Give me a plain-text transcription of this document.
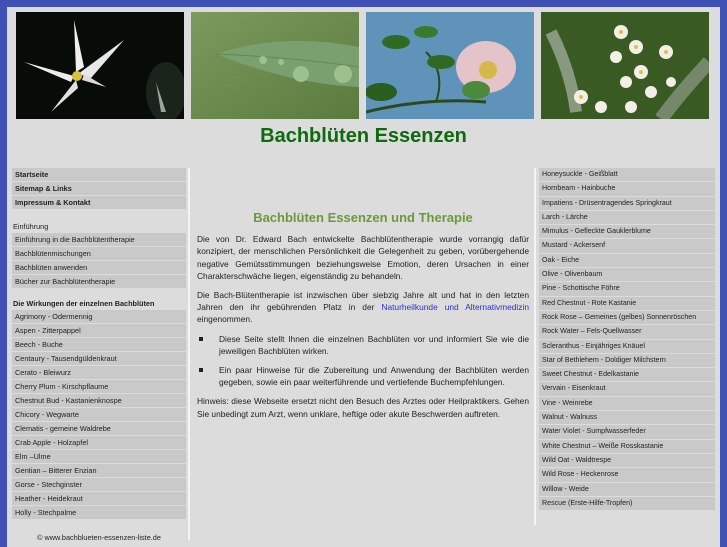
Bachblüten Essenzen
Startseite
Sitemap & Links
Impressum & Kontakt
Einführung
Einführung in die Bachblütentherapie
Bachblütenmischungen
Bachblüten anwenden
Bücher zur Bachblütentherapie
Die Wirkungen der einzelnen Bachblüten
Agrimony - Odermennig
Aspen - Zitterpappel
Beech - Buche
Centaury - Tausendgüldenkraut
Cerato - Bleiwurz
Cherry Plum - Kirschpflaume
Chestnut Bud - Kastanienknospe
Chicory - Wegwarte
Clematis - gemeine Waldrebe
Crab Apple - Holzapfel
Elm –Ulme
Gentian – Bitterer Enzian
Gorse - Stechginster
Heather - Heidekraut
Holly - Stechpalme
© www.bachblueten-essenzen-liste.de
Bachblüten Essenzen und Therapie

Die von Dr. Edward Bach entwickelte Bachblütentherapie wurde vorrangig dafür konzipiert, der menschlichen Persönlichkeit die Gelegenheit zu geben, vorübergehende negative Gemütsstimmungen beziehungsweise Emotion, deren Ursachen in einer Charakterschwäche liegen, eigenständig zu behandeln.

Die Bach-Blütentherapie ist inzwischen über siebzig Jahre alt und hat in den letzten Jahren den ihr gebührenden Platz in der Naturheilkunde und Alternativmedizin eingenommen.

Diese Seite stellt Ihnen die einzelnen Bachblüten vor und informiert Sie wie die jeweiligen Bachblüten wirken.
Ein paar Hinweise für die Zubereitung und Anwendung der Bachblüten werden gegeben, sowie ein paar weiterführende und vertiefende Buchempfehlungen.

Hinweis: diese Webseite ersetzt nicht den Besuch des Arztes oder Heilpraktikers. Gehen Sie unbedingt zum Arzt, wenn unklare, heftige oder akute Beschwerden auftreten.

Honeysuckle - Geißblatt
Hornbeam - Hainbuche
Impatiens - Drüsentragendes Springkraut
Larch - Lärche
Mimulus - Gefleckte Gauklerblume
Mustard - Ackersenf
Oak - Eiche
Olive - Olivenbaum
Pine - Schottische Föhre
Red Chestnut - Rote Kastanie
Rock Rose – Gemeines (gelbes) Sonnenröschen
Rock Water – Fels-Quellwasser
Scleranthus - Einjähriges Knäuel
Star of Bethlehem - Doldiger Milchstern
Sweet Chestnut - Edelkastanie
Vervain - Eisenkraut
Vine - Weinrebe
Walnut - Walnuss
Water Violet - Sumpfwasserfeder
White Chestnut – Weiße Rosskastanie
Wild Oat - Waldtrespe
Wild Rose - Heckenrose
Willow - Weide
Rescue (Erste-Hilfe-Tropfen)
